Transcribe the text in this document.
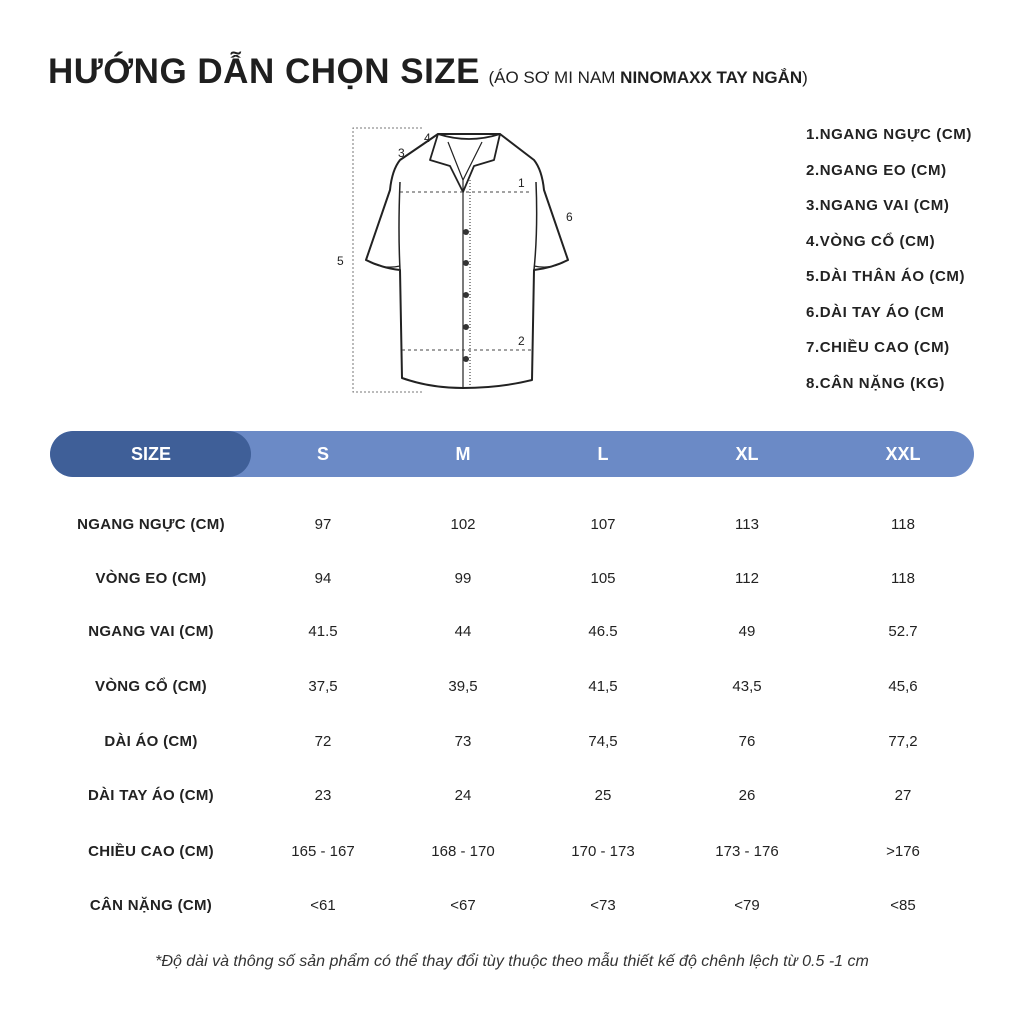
HƯỚNG DẪN CHỌN SIZE (ÁO SƠ MI NAM NINOMAXX TAY NGẮN)
1
2
3
4
5
6
1.NGANG NGỰC (CM)
2.NGANG EO (CM)
3.NGANG VAI (CM)
4.VÒNG CỔ (CM)
5.DÀI THÂN ÁO (CM)
6.DÀI TAY ÁO (CM
7.CHIỀU CAO (CM)
8.CÂN NẶNG (KG)
SIZE	S	M	L	XL	XXL
NGANG NGỰC (CM)	97	102	107	113	118
VÒNG EO (CM)	94	99	105	112	118
NGANG VAI (CM)	41.5	44	46.5	49	52.7
VÒNG CỔ (CM)	37,5	39,5	41,5	43,5	45,6
DÀI ÁO (CM)	72	73	74,5	76	77,2
DÀI TAY ÁO (CM)	23	24	25	26	27
CHIỀU CAO (CM)	165 - 167	168 - 170	170 - 173	173 - 176	>176
CÂN NẶNG (CM)	<61	<67	<73	<79	<85
*Độ dài và thông số sản phẩm có thể thay đổi tùy thuộc theo mẫu thiết kế độ chênh lệch từ 0.5 -1 cm
